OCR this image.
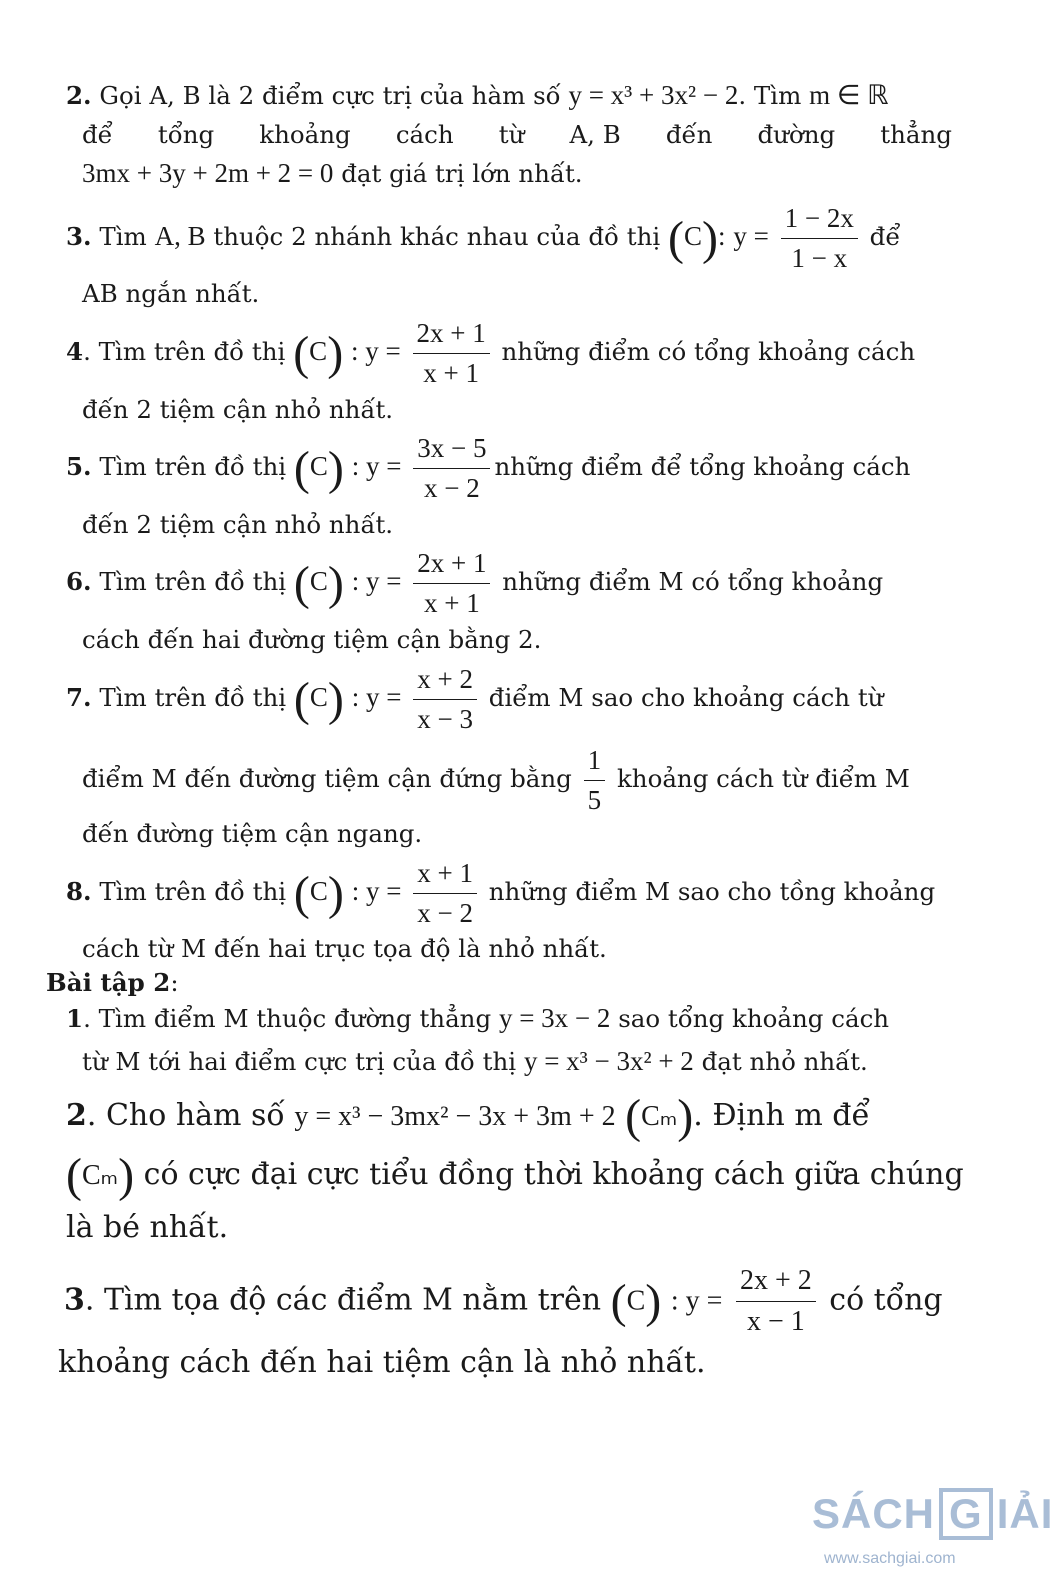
2. Gọi A, B là 2 điểm cực trị của hàm số y = x³ + 3x² − 2. Tìm m ∈ ℝ
để tổng khoảng cách từ A, B đến đường thẳng
3mx + 3y + 2m + 2 = 0 đạt giá trị lớn nhất.
3. Tìm A, B thuộc 2 nhánh khác nhau của đồ thị (C): $y = \frac{1 - 2x}{1 - x}$ để
AB ngắn nhất.
4. Tìm trên đồ thị (C) : $y = \frac{2x + 1}{x + 1}$ những điểm có tổng khoảng cách
đến 2 tiệm cận nhỏ nhất.
5. Tìm trên đồ thị (C) : $y = \frac{3x - 5}{x - 2}$ những điểm để tổng khoảng cách
đến 2 tiệm cận nhỏ nhất.
6. Tìm trên đồ thị (C) : $y = \frac{2x + 1}{x + 1}$ những điểm M có tổng khoảng
cách đến hai đường tiệm cận bằng 2.
7. Tìm trên đồ thị (C) : $y = \frac{x + 2}{x - 3}$ điểm M sao cho khoảng cách từ
điểm M đến đường tiệm cận đứng bằng $\frac{1}{5}$ khoảng cách từ điểm M
đến đường tiệm cận ngang.
8. Tìm trên đồ thị (C) : $y = \frac{x + 1}{x - 2}$ những điểm M sao cho tồng khoảng
cách từ M đến hai trục tọa độ là nhỏ nhất.
Bài tập 2:
1. Tìm điểm M thuộc đường thẳng y = 3x − 2 sao tổng khoảng cách
từ M tới hai điểm cực trị của đồ thị y = x³ − 3x² + 2 đạt nhỏ nhất.
2. Cho hàm số y = x³ − 3mx² − 3x + 3m + 2 (Cₘ). Định m để
(Cₘ) có cực đại cực tiểu đồng thời khoảng cách giữa chúng
là bé nhất.
3. Tìm tọa độ các điểm M nằm trên (C) : $y = \frac{2x + 2}{x - 1}$ có tổng
khoảng cách đến hai tiệm cận là nhỏ nhất.
SÁCH G IẢI
www.sachgiai.com
